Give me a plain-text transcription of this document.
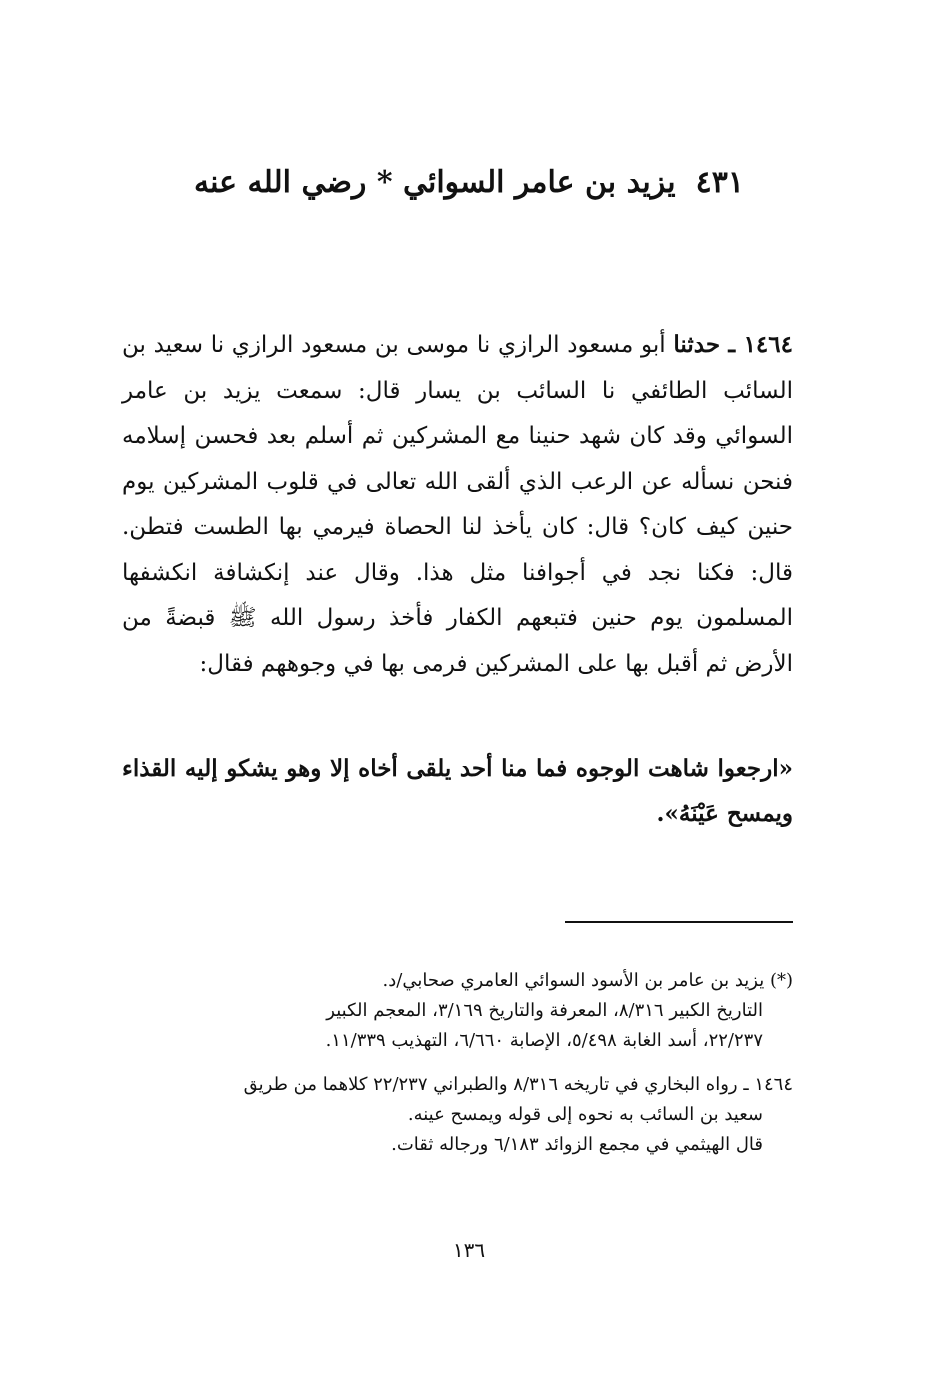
٤٣١يزيد بن عامر السوائي * رضي الله عنه

١٤٦٤ ـ حدثنا أبو مسعود الرازي نا موسى بن مسعود الرازي نا سعيد بن السائب الطائفي نا السائب بن يسار قال: سمعت يزيد بن عامر السوائي وقد كان شهد حنينا مع المشركين ثم أسلم بعد فحسن إسلامه فنحن نسأله عن الرعب الذي ألقى الله تعالى في قلوب المشركين يوم حنين كيف كان؟ قال: كان يأخذ لنا الحصاة فيرمي بها الطست فتطن. قال: فكنا نجد في أجوافنا مثل هذا. وقال عند إنكشافة انكشفها المسلمون يوم حنين فتبعهم الكفار فأخذ رسول الله ﷺ قبضةً من الأرض ثم أقبل بها على المشركين فرمى بها في وجوههم فقال:

«ارجعوا شاهت الوجوه فما منا أحد يلقى أخاه إلا وهو يشكو إليه القذاء ويمسح عَيْنَهُ».
(*) يزيد بن عامر بن الأسود السوائي العامري صحابي/د.
التاريخ الكبير ٨/٣١٦، المعرفة والتاريخ ٣/١٦٩، المعجم الكبير
٢٢/٢٣٧، أسد الغابة ٥/٤٩٨، الإصابة ٦/٦٦٠، التهذيب ١١/٣٣٩.
١٤٦٤ ـ رواه البخاري في تاريخه ٨/٣١٦ والطبراني ٢٢/٢٣٧ كلاهما من طريق
سعيد بن السائب به نحوه إلى قوله ويمسح عينه.
قال الهيثمي في مجمع الزوائد ٦/١٨٣ ورجاله ثقات.
١٣٦
